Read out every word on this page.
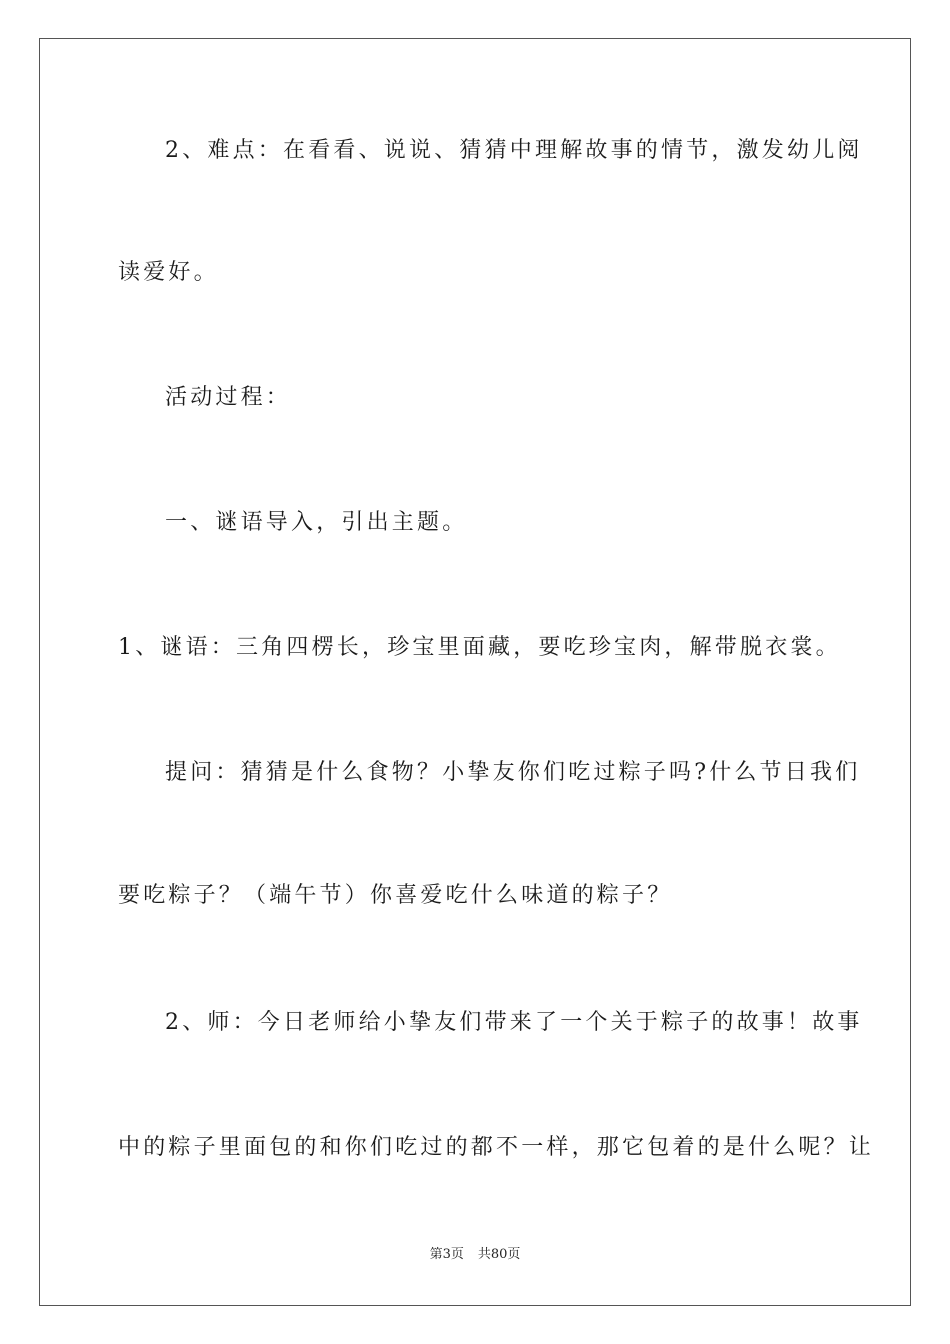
2、难点：在看看、说说、猜猜中理解故事的情节，激发幼儿阅
读爱好。
活动过程：
一、谜语导入，引出主题。
1、谜语：三角四楞长，珍宝里面藏，要吃珍宝肉，解带脱衣裳。
提问：猜猜是什么食物？小挚友你们吃过粽子吗?什么节日我们
要吃粽子？（端午节）你喜爱吃什么味道的粽子？
2、师：今日老师给小挚友们带来了一个关于粽子的故事！故事
中的粽子里面包的和你们吃过的都不一样，那它包着的是什么呢？让
第3页 共80页
